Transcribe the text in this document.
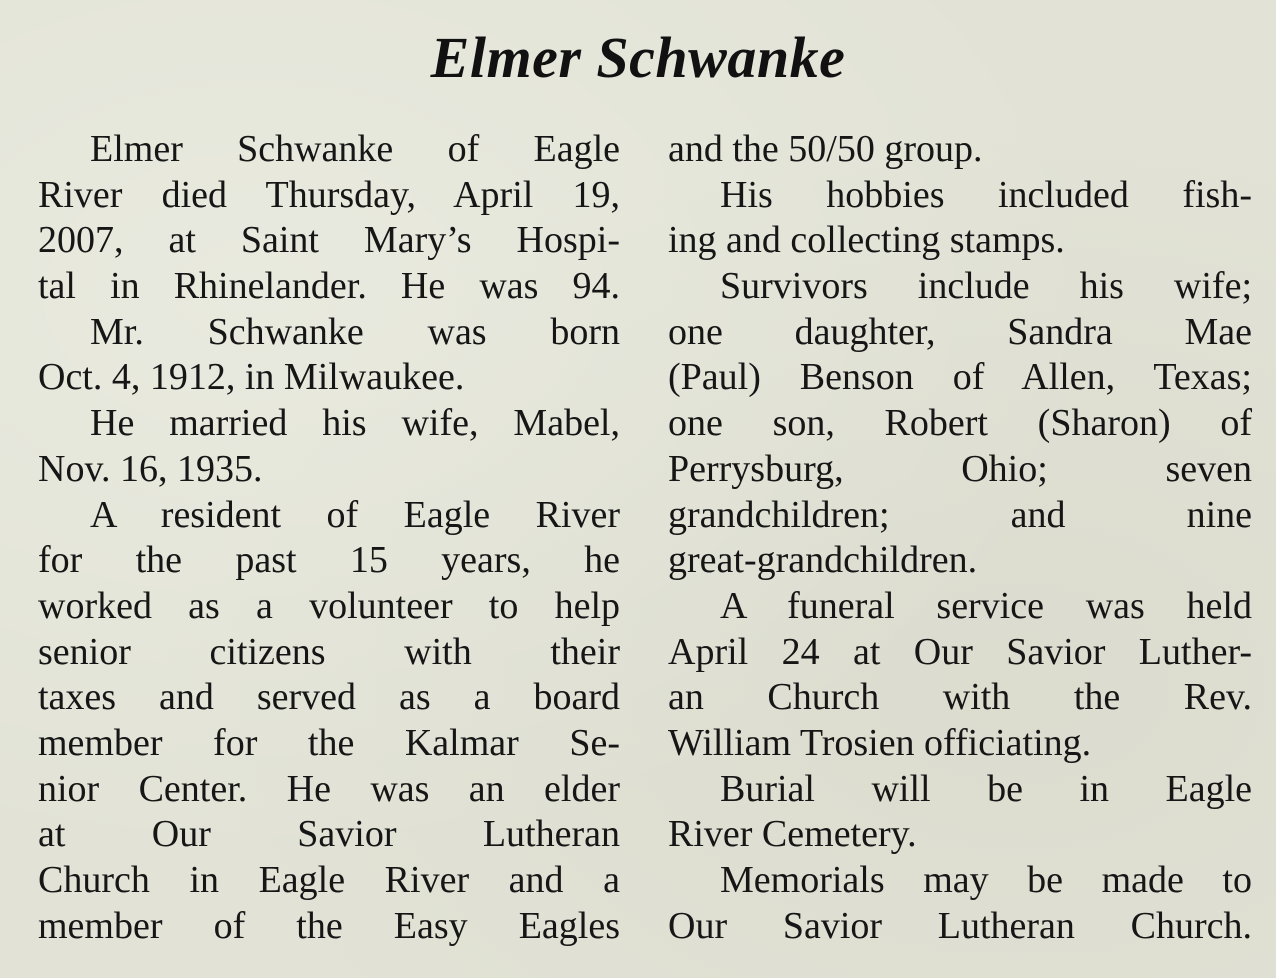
Elmer Schwanke
Elmer Schwanke of Eagle
River died Thursday, April 19,
2007, at Saint Mary’s Hospi-
tal in Rhinelander. He was 94.
Mr. Schwanke was born
Oct. 4, 1912, in Milwaukee.
He married his wife, Mabel,
Nov. 16, 1935.
A resident of Eagle River
for the past 15 years, he
worked as a volunteer to help
senior citizens with their
taxes and served as a board
member for the Kalmar Se-
nior Center. He was an elder
at Our Savior Lutheran
Church in Eagle River and a
member of the Easy Eagles
and the 50/50 group.
His hobbies included fish-
ing and collecting stamps.
Survivors include his wife;
one daughter, Sandra Mae
(Paul) Benson of Allen, Texas;
one son, Robert (Sharon) of
Perrysburg, Ohio; seven
grandchildren; and nine
great-grandchildren.
A funeral service was held
April 24 at Our Savior Luther-
an Church with the Rev.
William Trosien officiating.
Burial will be in Eagle
River Cemetery.
Memorials may be made to
Our Savior Lutheran Church.
